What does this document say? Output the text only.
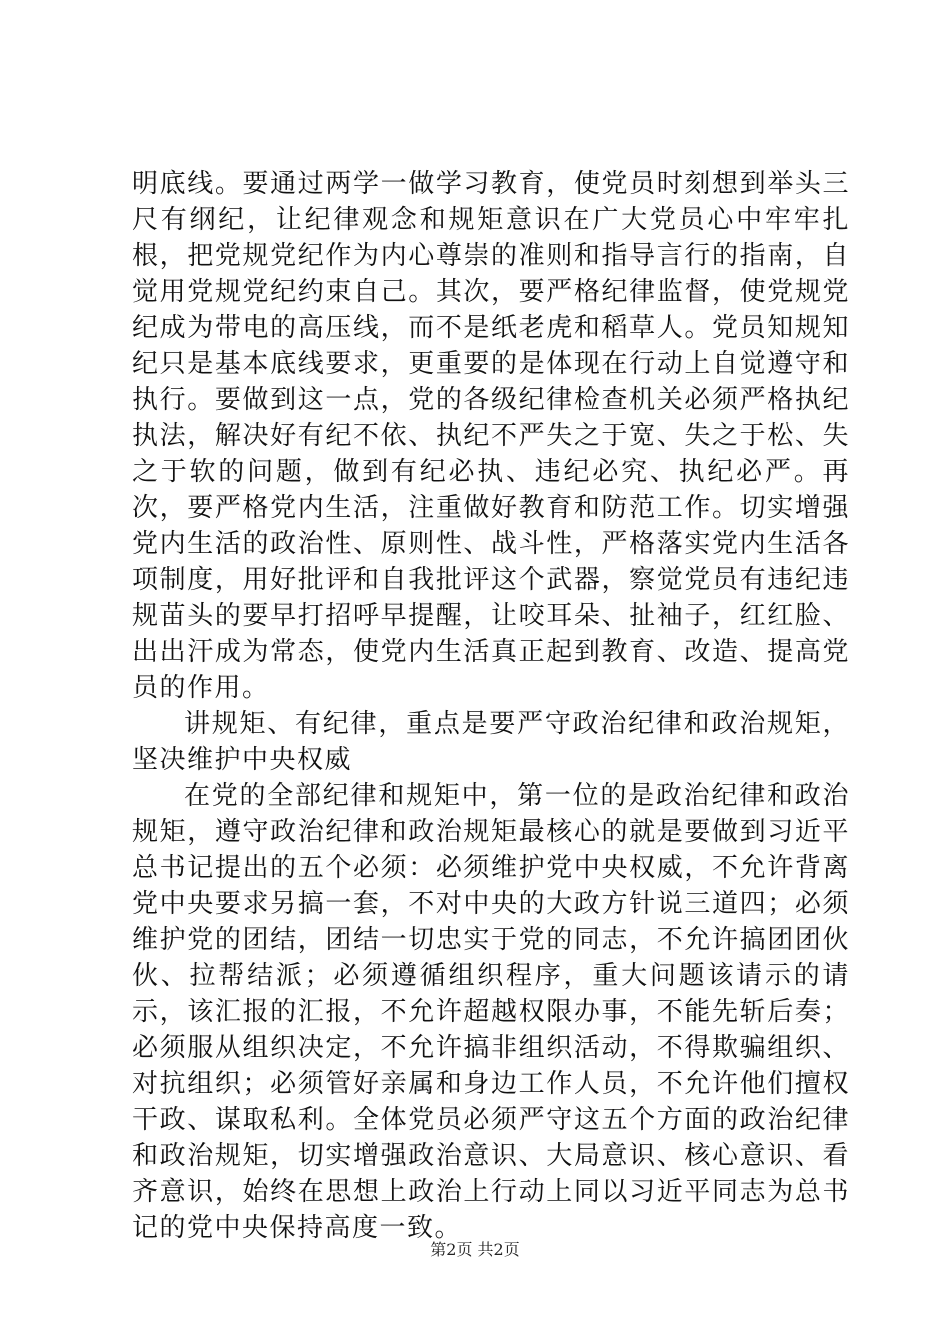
明底线。要通过两学一做学习教育，使党员时刻想到举头三尺有纲纪，让纪律观念和规矩意识在广大党员心中牢牢扎根，把党规党纪作为内心尊崇的准则和指导言行的指南，自觉用党规党纪约束自己。其次，要严格纪律监督，使党规党纪成为带电的高压线，而不是纸老虎和稻草人。党员知规知纪只是基本底线要求，更重要的是体现在行动上自觉遵守和执行。要做到这一点，党的各级纪律检查机关必须严格执纪执法，解决好有纪不依、执纪不严失之于宽、失之于松、失之于软的问题，做到有纪必执、违纪必究、执纪必严。再次，要严格党内生活，注重做好教育和防范工作。切实增强党内生活的政治性、原则性、战斗性，严格落实党内生活各项制度，用好批评和自我批评这个武器，察觉党员有违纪违规苗头的要早打招呼早提醒，让咬耳朵、扯袖子，红红脸、出出汗成为常态，使党内生活真正起到教育、改造、提高党员的作用。

讲规矩、有纪律，重点是要严守政治纪律和政治规矩，坚决维护中央权威

在党的全部纪律和规矩中，第一位的是政治纪律和政治规矩，遵守政治纪律和政治规矩最核心的就是要做到习近平总书记提出的五个必须：必须维护党中央权威，不允许背离党中央要求另搞一套，不对中央的大政方针说三道四；必须维护党的团结，团结一切忠实于党的同志，不允许搞团团伙伙、拉帮结派；必须遵循组织程序，重大问题该请示的请示，该汇报的汇报，不允许超越权限办事，不能先斩后奏；必须服从组织决定，不允许搞非组织活动，不得欺骗组织、对抗组织；必须管好亲属和身边工作人员，不允许他们擅权干政、谋取私利。全体党员必须严守这五个方面的政治纪律和政治规矩，切实增强政治意识、大局意识、核心意识、看齐意识，始终在思想上政治上行动上同以习近平同志为总书记的党中央保持高度一致。

第2页 共2页
